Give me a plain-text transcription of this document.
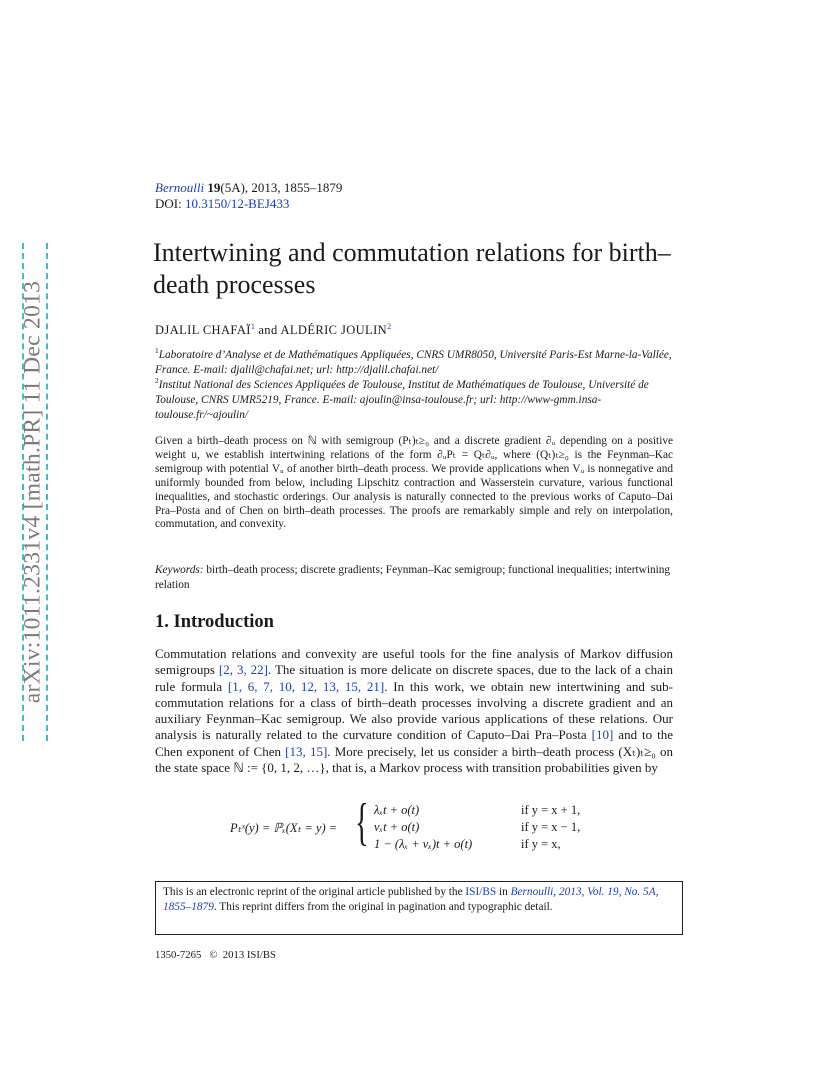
arXiv:1011.2331v4 [math.PR] 11 Dec 2013
Bernoulli 19(5A), 2013, 1855–1879
DOI: 10.3150/12-BEJ433
Intertwining and commutation relations for birth–death processes
DJALIL CHAFAÏ$^1$ and ALDÉRIC JOULIN$^2$
$^1$Laboratoire d’Analyse et de Mathématiques Appliquées, CNRS UMR8050, Université Paris-Est Marne-la-Vallée, France. E-mail: djalil@chafai.net; url: http://djalil.chafai.net/
$^2$Institut National des Sciences Appliquées de Toulouse, Institut de Mathématiques de Toulouse, Université de Toulouse, CNRS UMR5219, France. E-mail: ajoulin@insa-toulouse.fr; url: http://www-gmm.insa-toulouse.fr/~ajoulin/
Given a birth–death process on ℕ with semigroup (Pₜ)ₜ≥₀ and a discrete gradient ∂ᵤ depending on a positive weight u, we establish intertwining relations of the form ∂ᵤPₜ = Qₜ∂ᵤ, where (Qₜ)ₜ≥₀ is the Feynman–Kac semigroup with potential Vᵤ of another birth–death process. We provide applications when Vᵤ is nonnegative and uniformly bounded from below, including Lipschitz contraction and Wasserstein curvature, various functional inequalities, and stochastic orderings. Our analysis is naturally connected to the previous works of Caputo–Dai Pra–Posta and of Chen on birth–death processes. The proofs are remarkably simple and rely on interpolation, commutation, and convexity.
Keywords: birth–death process; discrete gradients; Feynman–Kac semigroup; functional inequalities; intertwining relation
1. Introduction
Commutation relations and convexity are useful tools for the fine analysis of Markov diffusion semigroups [2, 3, 22]. The situation is more delicate on discrete spaces, due to the lack of a chain rule formula [1, 6, 7, 10, 12, 13, 15, 21]. In this work, we obtain new intertwining and sub-commutation relations for a class of birth–death processes involving a discrete gradient and an auxiliary Feynman–Kac semigroup. We also provide various applications of these relations. Our analysis is naturally related to the curvature condition of Caputo–Dai Pra–Posta [10] and to the Chen exponent of Chen [13, 15]. More precisely, let us consider a birth–death process (Xₜ)ₜ≥₀ on the state space ℕ := {0, 1, 2, …}, that is, a Markov process with transition probabilities given by
Pₜˣ(y) = ℙₓ(Xₜ = y) = { λₓt + o(t)	if y = x + 1,
νₓt + o(t)	if y = x − 1,
1 − (λₓ + νₓ)t + o(t)	if y = x,
This is an electronic reprint of the original article published by the ISI/BS in Bernoulli, 2013, Vol. 19, No. 5A, 1855–1879. This reprint differs from the original in pagination and typographic detail.
1350-7265 © 2013 ISI/BS
